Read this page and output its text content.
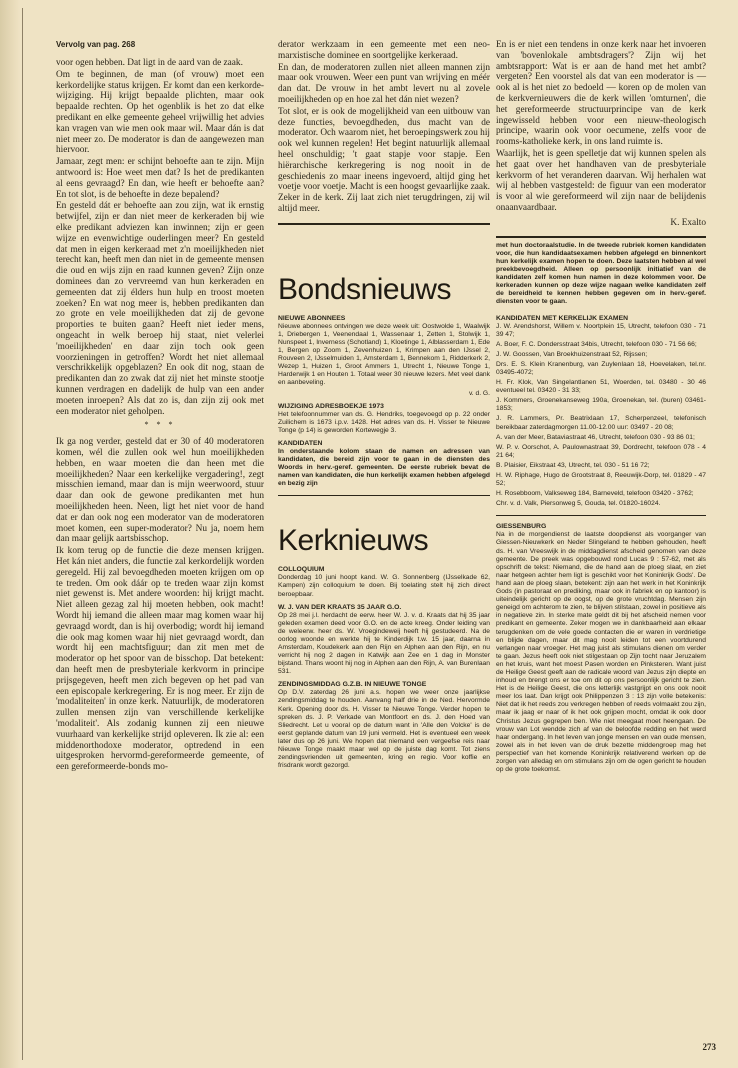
Vervolg van pag. 268

voor ogen hebben. Dat ligt in de aard van de zaak.

Om te beginnen, de man (of vrouw) moet een kerkordelijke status krijgen. Er komt dan een kerkorde-wijziging. Hij krijgt bepaalde plichten, maar ook bepaalde rechten. Op het ogenblik is het zo dat elke predikant en elke gemeente geheel vrijwillig het advies kan vragen van wie men ook maar wil. Maar dán is dat niet meer zo. De moderator is dan de aangewezen man hiervoor.

Jamaar, zegt men: er schijnt behoefte aan te zijn. Mijn antwoord is: Hoe weet men dat? Is het de predikanten al eens gevraagd? En dan, wie heeft er behoefte aan? En tot slot, is de behoefte in deze bepalend?

En gesteld dát er behoefte aan zou zijn, wat ik ernstig betwijfel, zijn er dan niet meer de kerkeraden bij wie elke predikant adviezen kan inwinnen; zijn er geen wijze en evenwichtige ouderlingen meer? En gesteld dat men in eigen kerkeraad met z'n moeilijkheden niet terecht kan, heeft men dan niet in de gemeente mensen die oud en wijs zijn en raad kunnen geven? Zijn onze dominees dan zo vervreemd van hun kerkeraden en gemeenten dat zij élders hun hulp en troost moeten zoeken? En wat nog meer is, hebben predikanten dan zo grote en vele moeilijkheden dat zij de gevone proporties te buiten gaan? Heeft niet ieder mens, ongeacht in welk beroep hij staat, niet velerlei 'moeilijkheden' en daar zijn toch ook geen voorzieningen in getroffen? Wordt het niet allemaal verschrikkelijk opgeblazen? En ook dit nog, staan de predikanten dan zo zwak dat zij niet het minste stootje kunnen verdragen en dadelijk de hulp van een ander moeten inroepen? Als dat zo is, dan zijn zij ook met een moderator niet geholpen.

* * *

Ik ga nog verder, gesteld dat er 30 of 40 moderatoren komen, wél die zullen ook wel hun moeilijkheden hebben, en waar moeten die dan heen met die moeilijkheden? Naar een kerkelijke vergadering!, zegt misschien iemand, maar dan is mijn weerwoord, stuur daar dan ook de gewone predikanten met hun moeilijkheden heen. Neen, ligt het niet voor de hand dat er dan ook nog een moderator van de moderatoren moet komen, een super-moderator? Nu ja, noem hem dan maar gelijk aartsbisschop.

Ik kom terug op de functie die deze mensen krijgen. Het kán niet anders, die functie zal kerkordelijk worden geregeld. Hij zal bevoegdheden moeten krijgen om op te treden. Om ook dáár op te treden waar zijn komst niet gewenst is. Met andere woorden: hij krijgt macht. Niet alleen gezag zal hij moeten hebben, ook macht! Wordt hij iemand die alleen maar mag komen waar hij gevraagd wordt, dan is hij overbodig; wordt hij iemand die ook mag komen waar hij niet gevraagd wordt, dan wordt hij een machtsfiguur; dan zit men met de moderator op het spoor van de bisschop. Dat betekent: dan heeft men de presbyteriale kerkvorm in principe prijsgegeven, heeft men zich begeven op het pad van een episcopale kerkregering. Er is nog meer. Er zijn de 'modaliteiten' in onze kerk. Natuurlijk, de moderatoren zullen mensen zijn van verschillende kerkelijke 'modaliteit'. Als zodanig kunnen zij een nieuwe vuurhaard van kerkelijke strijd opleveren. Ik zie al: een middenorthodoxe moderator, optredend in een uitgesproken hervormd-gereformeerde gemeente, of een gereformeerde-bonds mo-

derator werkzaam in een gemeente met een neo-marxistische dominee en soortgelijke kerkeraad.

En dan, de moderatoren zullen niet alleen mannen zijn maar ook vrouwen. Weer een punt van wrijving en méér dan dat. De vrouw in het ambt levert nu al zovele moeilijkheden op en hoe zal het dán niet wezen?

Tot slot, er is ook de mogelijkheid van een uitbouw van deze functies, bevoegdheden, dus macht van de moderator. Och waarom niet, het beroepingswerk zou hij ook wel kunnen regelen! Het begint natuurlijk allemaal heel onschuldig; 't gaat stapje voor stapje. Een hiërarchische kerkregering is nog nooit in de geschiedenis zo maar ineens ingevoerd, altijd ging het voetje voor voetje. Macht is een hoogst gevaarlijke zaak. Zeker in de kerk. Zij laat zich niet terugdringen, zij wil altijd meer.

Bondsnieuws
NIEUWE ABONNEES

Nieuwe abonnees ontvingen we deze week uit: Oostwolde 1, Waalwijk 1, Driebergen 1, Veenendaal 1, Wassenaar 1, Zetten 1, Stolwijk 1, Nunspeet 1, Inverness (Schotland) 1, Kloetinge 1, Alblasserdam 1, Ede 1, Bergen op Zoom 1, Zevenhuizen 1, Krimpen aan den IJssel 2, Rouveen 2, IJsselmuiden 1, Amsterdam 1, Bennekom 1, Ridderkerk 2, Wezep 1, Huizen 1, Groot Ammers 1, Utrecht 1, Nieuwe Tonge 1, Harderwijk 1 en Houten 1. Totaal weer 30 nieuwe lezers. Met veel dank en aanbeveling.

v. d. G.

WIJZIGING ADRESBOEKJE 1973

Het telefoonnummer van ds. G. Hendriks, toegevoegd op p. 22 onder Zuilichem is 1673 i.p.v. 1428. Het adres van ds. H. Visser te Nieuwe Tonge (p 14) is geworden Kortewegje 3.

KANDIDATEN

In onderstaande kolom staan de namen en adressen van kandidaten, die bereid zijn voor te gaan in de diensten des Woords in herv.-geref. gemeenten. De eerste rubriek bevat de namen van kandidaten, die hun kerkelijk examen hebben afgelegd en bezig zijn

Kerknieuws
COLLOQUIUM

Donderdag 10 juni hoopt kand. W. G. Sonnenberg (IJsselkade 62, Kampen) zijn colloquium te doen. Bij toelating stelt hij zich direct beroepbaar.

W. J. VAN DER KRAATS 35 JAAR G.O.

Op 28 mei j.l. herdacht de eerw. heer W. J. v. d. Kraats dat hij 35 jaar geleden examen deed voor G.O. en de acte kreeg. Onder leiding van de weleerw. heer ds. W. Vroegindeweij heeft hij gestudeerd. Na de oorlog woonde en werkte hij te Kinderdijk t.w. 15 jaar, daarna in Amsterdam, Koudekerk aan den Rijn en Alphen aan den Rijn, en nu verricht hij nog 2 dagen in Katwijk aan Zee en 1 dag in Monster bijstand. Thans woont hij nog in Alphen aan den Rijn, A. van Burenlaan 531.

ZENDINGSMIDDAG G.Z.B. IN NIEUWE TONGE

Op D.V. zaterdag 26 juni a.s. hopen we weer onze jaarlijkse zendingsmiddag te houden. Aanvang half drie in de Ned. Hervormde Kerk. Opening door ds. H. Visser te Nieuwe Tonge. Verder hopen te spreken ds. J. P. Verkade van Montfoort en ds. J. den Hoed van Sliedrecht. Let u vooral op de datum want in 'Alle den Volcke' is de eerst geplande datum van 19 juni vermeld. Het is eventueel een week later dus op 26 juni. We hopen dat niemand een vergeefse reis naar Nieuwe Tonge maakt maar wel op de juiste dag komt. Tot ziens zendingsvrienden uit gemeenten, kring en regio. Voor koffie en frisdrank wordt gezorgd.

En is er niet een tendens in onze kerk naar het invoeren van 'bovenlokale ambtsdragers'? Zijn wij het ambtsrapport: Wat is er aan de hand met het ambt? vergeten? Een voorstel als dat van een moderator is — ook al is het niet zo bedoeld — koren op de molen van de kerkvernieuwers die de kerk willen 'omturnen', die het gereformeerde structuurprincipe van de kerk ingewisseld hebben voor een nieuw-theologisch principe, waarin ook voor oecumene, zelfs voor de rooms-katholieke kerk, in ons land ruimte is.

Waarlijk, het is geen spelletje dat wij kunnen spelen als het gaat over het handhaven van de presbyteriale kerkvorm of het veranderen daarvan. Wij herhalen wat wij al hebben vastgesteld: de figuur van een moderator is voor al wie gereformeerd wil zijn naar de belijdenis onaanvaardbaar.

K. Exalto

met hun doctoraalstudie. In de tweede rubriek komen kandidaten voor, die hun kandidaatsexamen hebben afgelegd en binnenkort hun kerkelijk examen hopen te doen. Deze laatsten hebben al wel preekbevoegdheid. Alleen op persoonlijk initiatief van de kandidaten zelf komen hun namen in deze kolommen voor. De kerkeraden kunnen op deze wijze nagaan welke kandidaten zelf de bereidheid te kennen hebben gegeven om in herv.-geref. diensten voor te gaan.

KANDIDATEN MET KERKELIJK EXAMEN

J. W. Arendshorst, Willem v. Noortplein 15, Utrecht, telefoon 030 - 71 39 47;

A. Boer, F. C. Dondersstraat 34bis, Utrecht, telefoon 030 - 71 56 66;

J. W. Goossen, Van Broekhuizenstraat 52, Rijssen;

Drs. E. S. Klein Kranenburg, van Zuylenlaan 18, Hoevelaken, tel.nr. 03495-4072;

H. Fr. Klok, Van Singelantlanen 51, Woerden, tel. 03480 - 30 46 eventueel tel. 03420 - 31 33;

J. Kommers, Groenekanseweg 190a, Groenekan, tel. (buren) 03461-1853;

J. R. Lammers, Pr. Beatrixlaan 17, Scherpenzeel, telefonisch bereikbaar zaterdagmorgen 11.00-12.00 uur: 03497 - 20 08;

A. van der Meer, Bataviastraat 46, Utrecht, telefoon 030 - 93 86 01;

W. P. v. Oorschot, A. Paulownastraat 39, Dordrecht, telefoon 078 - 4 21 64;

B. Plaisier, Eikstraat 43, Utrecht, tel. 030 - 51 16 72;

H. W. Riphage, Hugo de Grootstraat 8, Reeuwijk-Dorp, tel. 01829 - 47 52;

H. Rosebboom, Valkseweg 184, Barneveld, telefoon 03420 - 3762;

Chr. v. d. Valk, Piersonweg 5, Gouda, tel. 01820-16024.

GIESSENBURG

Na in de morgendienst de laatste doopdienst als voorganger van Giessen-Nieuwkerk en Neder Slingeland te hebben gehouden, heeft ds. H. van Vreeswijk in de middagdienst afscheid genomen van deze gemeente. De preek was opgebouwd rond Lucas 9 : 57-62, met als opschrift de tekst: Niemand, die de hand aan de ploeg slaat, en ziet naar hetgeen achter hem ligt is geschikt voor het Koninkrijk Gods'. De hand aan de ploeg slaan, betekent: zijn aan het werk in het Koninkrijk Gods (in pastoraat en prediking, maar ook in fabriek en op kantoor) is uiteindelijk gericht op de oogst, op de grote vruchtdag. Mensen zijn geneigd om achterom te zien, te blijven stilstaan, zowel in positieve als in negatieve zin. In sterke mate geldt dit bij het afscheid nemen voor predikant en gemeente. Zeker mogen we in dankbaarheid aan elkaar terugdenken om de vele goede contacten die er waren in verdrietige en blijde dagen, maar dit mag nooit leiden tot een voortdurend verlangen naar vroeger. Het mag juist als stimulans dienen om verder te gaan. Jezus heeft ook niet stilgestaan op Zijn tocht naar Jeruzalem en het kruis, want het moest Pasen worden en Pinksteren. Want juist de Heilige Geest geeft aan de radicale woord van Jezus zijn diepte en inhoud en brengt ons er toe om dit op ons persoonlijk gericht te zien. Het is de Heilige Geest, die ons letterlijk vastgrijpt en ons ook nooit meer los laat. Dan krijgt ook Philippenzen 3 : 13 zijn volle betekenis: Niet dat ik het reeds zou verkregen hebben of reeds volmaakt zou zijn, maar ik jaag er naar of ik het ook grijpen mocht, omdat ik ook door Christus Jezus gegrepen ben. Wie niet meegaat moet heengaan. De vrouw van Lot wendde zich af van de beloofde redding en het werd haar ondergang. In het leven van jonge mensen en van oude mensen, zowel als in het leven van de druk bezette middengroep mag het perspectief van het komende Koninkrijk relativerend werken op de zorgen van alledag en om stimulans zijn om de ogen gericht te houden op de grote toekomst.

273
